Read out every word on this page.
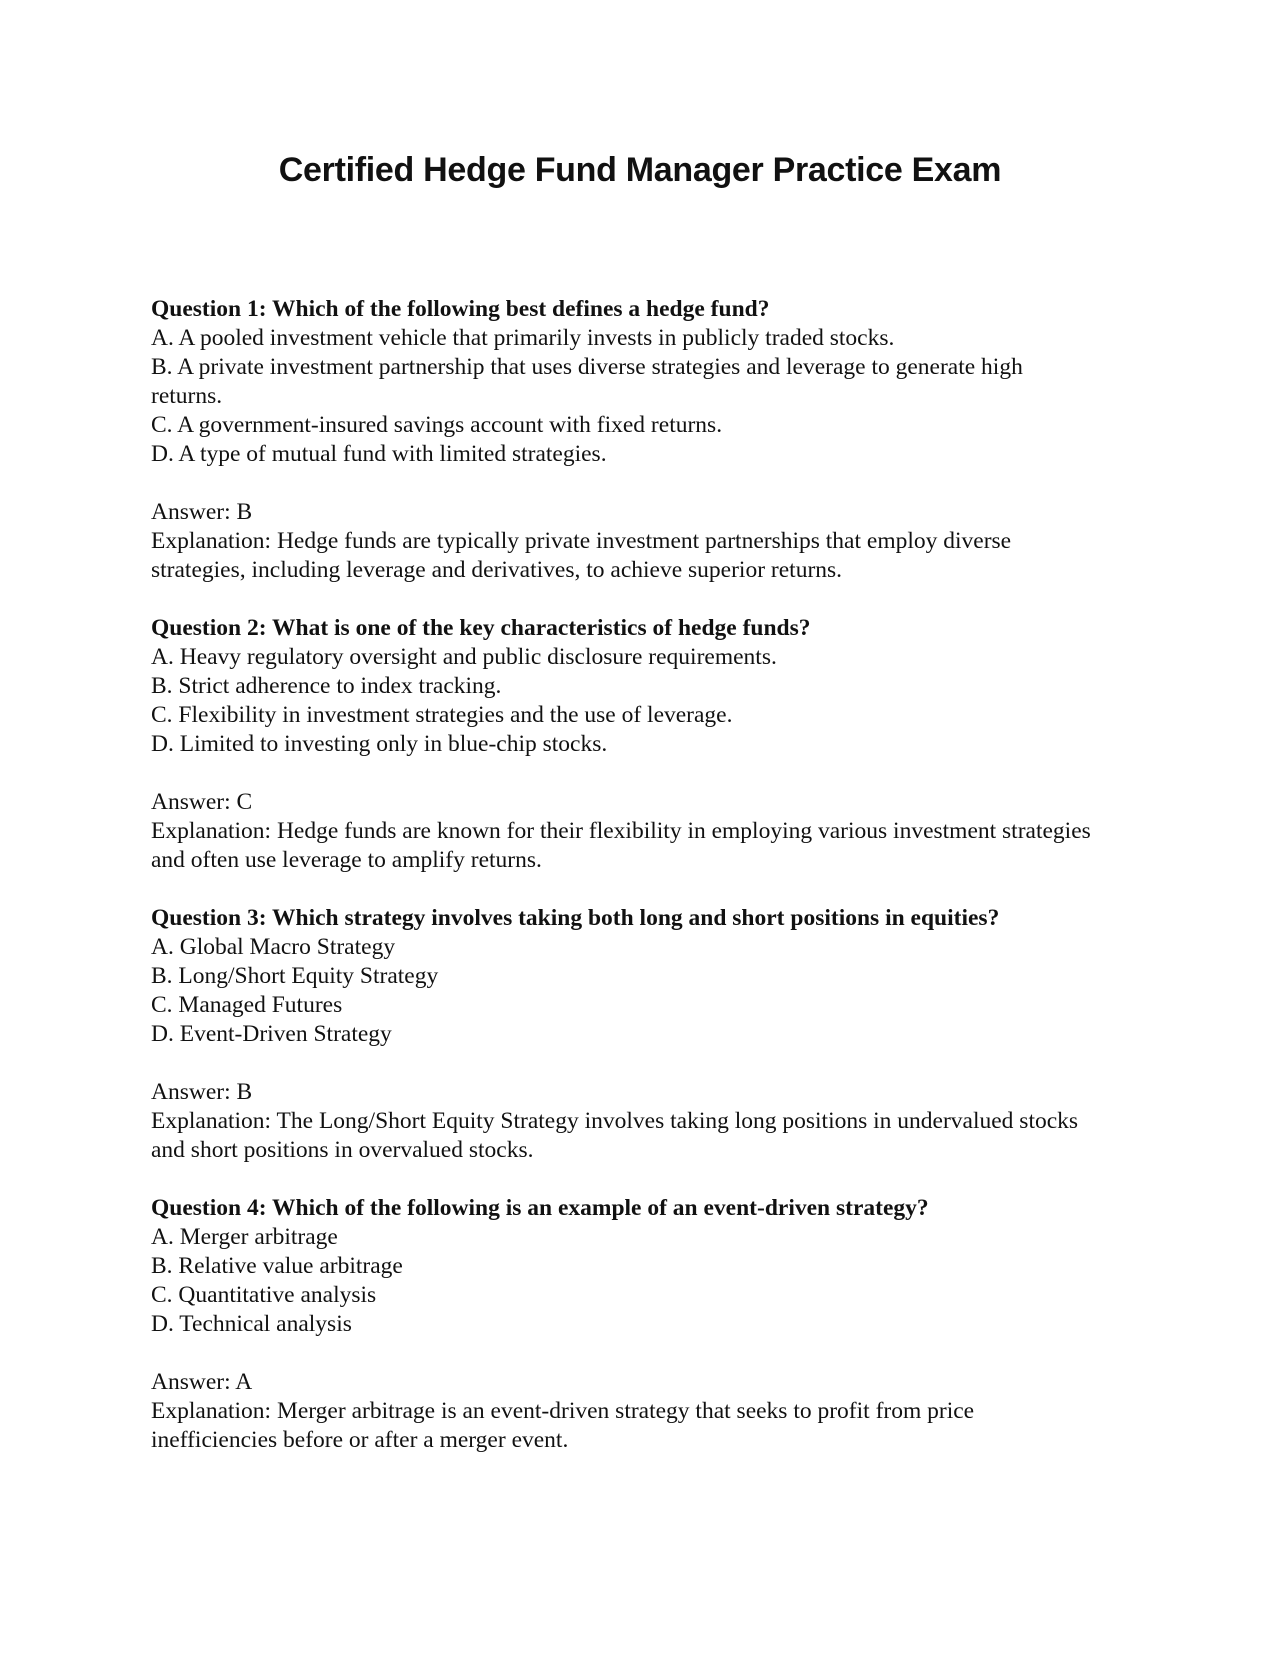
Certified Hedge Fund Manager Practice Exam

Question 1: Which of the following best defines a hedge fund?

A. A pooled investment vehicle that primarily invests in publicly traded stocks.

B. A private investment partnership that uses diverse strategies and leverage to generate high returns.

C. A government-insured savings account with fixed returns.

D. A type of mutual fund with limited strategies.

Answer: B

Explanation: Hedge funds are typically private investment partnerships that employ diverse strategies, including leverage and derivatives, to achieve superior returns.

Question 2: What is one of the key characteristics of hedge funds?

A. Heavy regulatory oversight and public disclosure requirements.

B. Strict adherence to index tracking.

C. Flexibility in investment strategies and the use of leverage.

D. Limited to investing only in blue-chip stocks.

Answer: C

Explanation: Hedge funds are known for their flexibility in employing various investment strategies and often use leverage to amplify returns.

Question 3: Which strategy involves taking both long and short positions in equities?

A. Global Macro Strategy

B. Long/Short Equity Strategy

C. Managed Futures

D. Event-Driven Strategy

Answer: B

Explanation: The Long/Short Equity Strategy involves taking long positions in undervalued stocks and short positions in overvalued stocks.

Question 4: Which of the following is an example of an event-driven strategy?

A. Merger arbitrage

B. Relative value arbitrage

C. Quantitative analysis

D. Technical analysis

Answer: A

Explanation: Merger arbitrage is an event-driven strategy that seeks to profit from price inefficiencies before or after a merger event.
